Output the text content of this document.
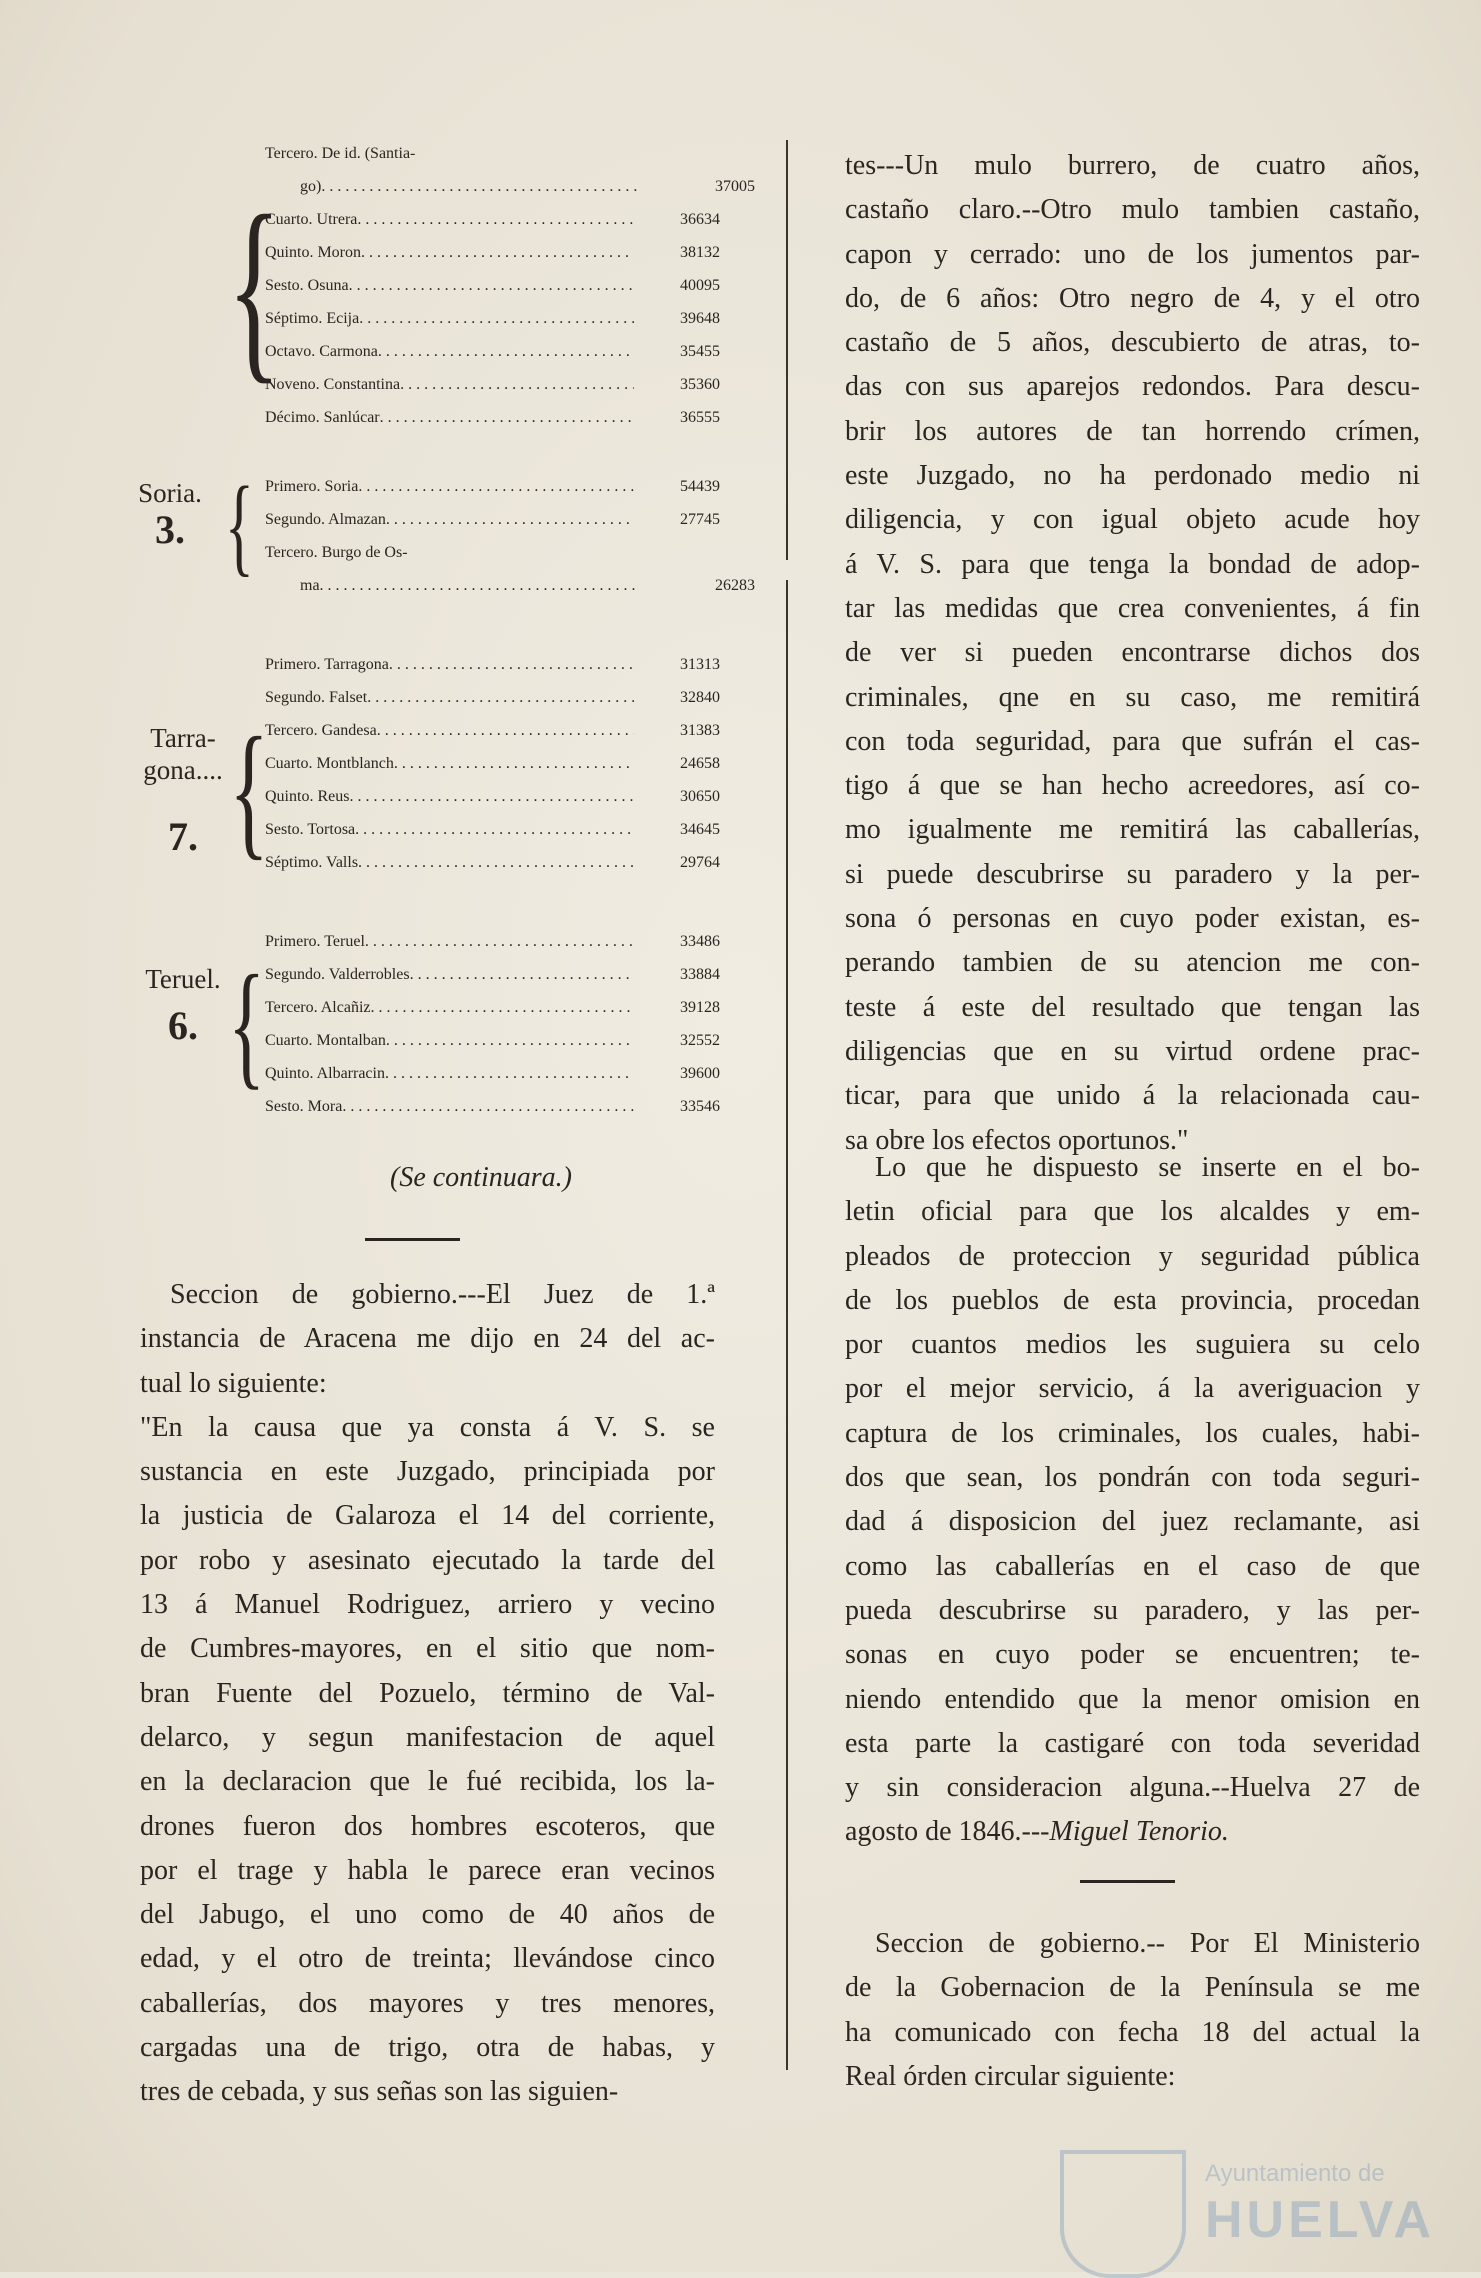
{
Tercero. De id. (Santia-
go) . . .	37005
Cuarto. Utrera . . .	36634
Quinto. Moron . . .	38132
Sesto. Osuna . . .	40095
Séptimo. Ecija . . .	39648
Octavo. Carmona . . .	35455
Noveno. Constantina . . .	35360
Décimo. Sanlúcar . . .	36555
Soria.
3. { Primero. Soria . . .	54439
Segundo. Almazan . . .	27745
Tercero. Burgo de Os-
ma . . .	26283
Tarra-
gona....
7. {
Primero. Tarragona . . .	31313
Segundo. Falset . . .	32840
Tercero. Gandesa . . .	31383
Cuarto. Montblanch . . .	24658
Quinto. Reus . . .	30650
Sesto. Tortosa . . .	34645
Séptimo. Valls . . .	29764
Teruel.
6. {
Primero. Teruel . . .	33486
Segundo. Valderrobles . . .	33884
Tercero. Alcañiz . . .	39128
Cuarto. Montalban . . .	32552
Quinto. Albarracin . . .	39600
Sesto. Mora . . .	33546
(Se continuara.)

Seccion de gobierno.---El Juez de 1.ª

instancia de Aracena me dijo en 24 del ac-

tual lo siguiente:

"En la causa que ya consta á V. S. se

sustancia en este Juzgado, principiada por

la justicia de Galaroza el 14 del corriente,

por robo y asesinato ejecutado la tarde del

13 á Manuel Rodriguez, arriero y vecino

de Cumbres-mayores, en el sitio que nom-

bran Fuente del Pozuelo, término de Val-

delarco, y segun manifestacion de aquel

en la declaracion que le fué recibida, los la-

drones fueron dos hombres escoteros, que

por el trage y habla le parece eran vecinos

del Jabugo, el uno como de 40 años de

edad, y el otro de treinta; llevándose cinco

caballerías, dos mayores y tres menores,

cargadas una de trigo, otra de habas, y

tres de cebada, y sus señas son las siguien-

tes---Un mulo burrero, de cuatro años,

castaño claro.--Otro mulo tambien castaño,

capon y cerrado: uno de los jumentos par-

do, de 6 años: Otro negro de 4, y el otro

castaño de 5 años, descubierto de atras, to-

das con sus aparejos redondos. Para descu-

brir los autores de tan horrendo crímen,

este Juzgado, no ha perdonado medio ni

diligencia, y con igual objeto acude hoy

á V. S. para que tenga la bondad de adop-

tar las medidas que crea convenientes, á fin

de ver si pueden encontrarse dichos dos

criminales, qne en su caso, me remitirá

con toda seguridad, para que sufrán el cas-

tigo á que se han hecho acreedores, así co-

mo igualmente me remitirá las caballerías,

si puede descubrirse su paradero y la per-

sona ó personas en cuyo poder existan, es-

perando tambien de su atencion me con-

teste á este del resultado que tengan las

diligencias que en su virtud ordene prac-

ticar, para que unido á la relacionada cau-

sa obre los efectos oportunos."

Lo que he dispuesto se inserte en el bo-

letin oficial para que los alcaldes y em-

pleados de proteccion y seguridad pública

de los pueblos de esta provincia, procedan

por cuantos medios les suguiera su celo

por el mejor servicio, á la averiguacion y

captura de los criminales, los cuales, habi-

dos que sean, los pondrán con toda seguri-

dad á disposicion del juez reclamante, asi

como las caballerías en el caso de que

pueda descubrirse su paradero, y las per-

sonas en cuyo poder se encuentren; te-

niendo entendido que la menor omision en

esta parte la castigaré con toda severidad

y sin consideracion alguna.--Huelva 27 de

agosto de 1846.---Miguel Tenorio.

Seccion de gobierno.-- Por El Ministerio

de la Gobernacion de la Península se me

ha comunicado con fecha 18 del actual la

Real órden circular siguiente:

Ayuntamiento de
HUELVA
